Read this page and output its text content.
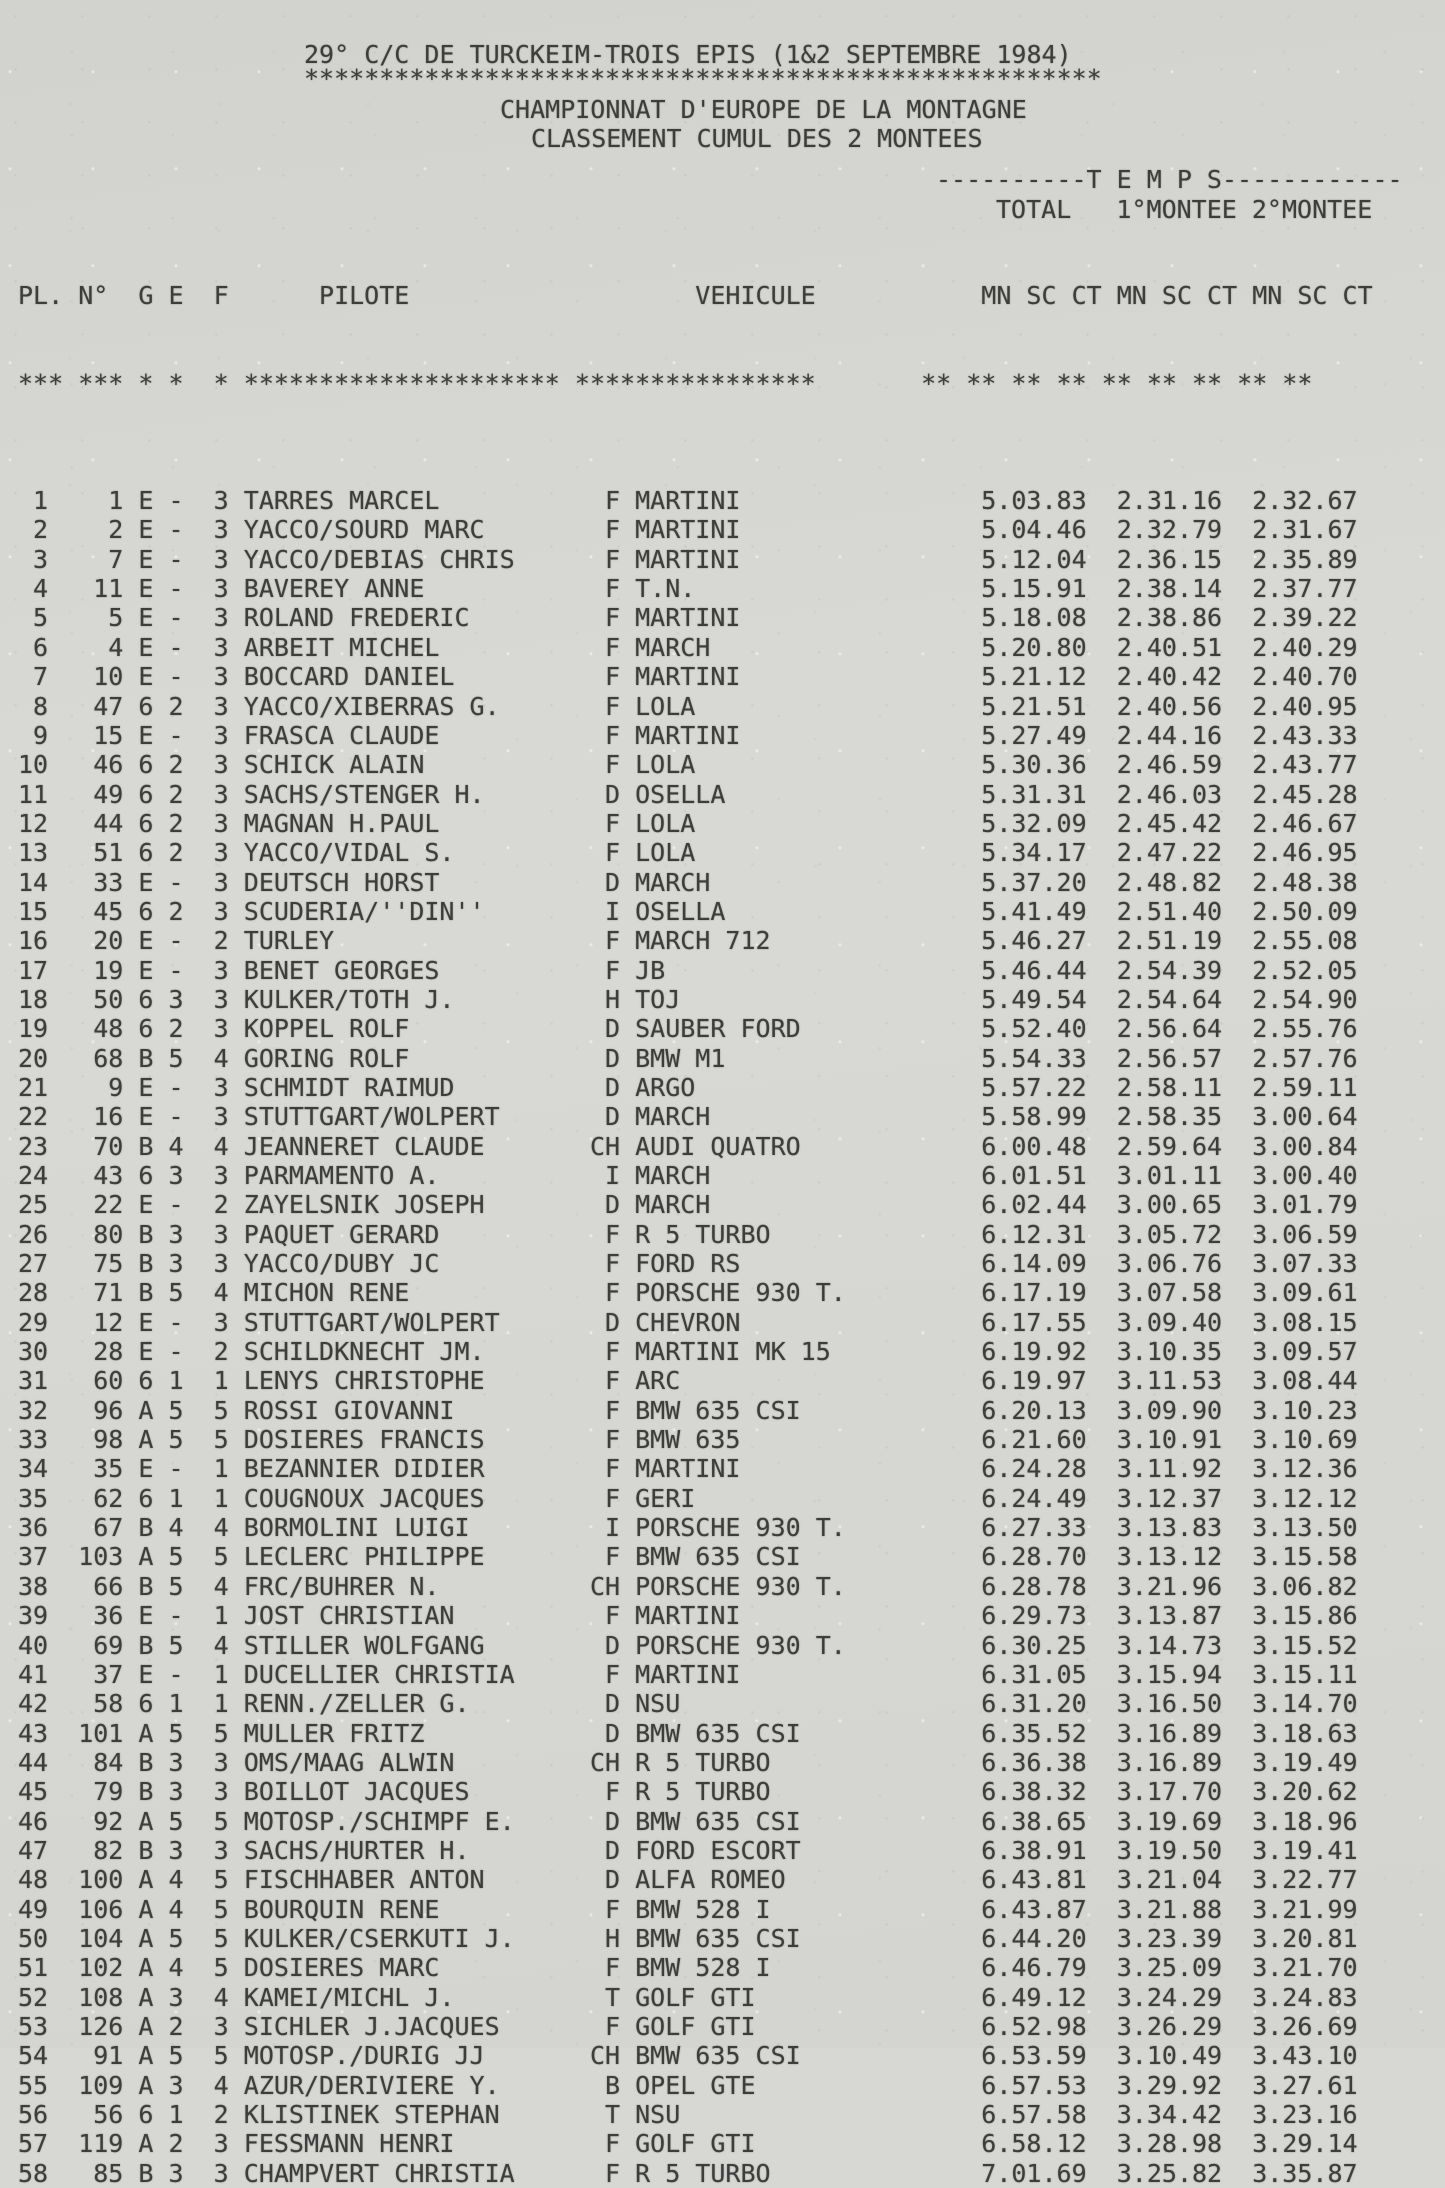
29° C/C DE TURCKEIM-TROIS EPIS (1&2 SEPTEMBRE 1984)
*****************************************************
CHAMPIONNAT D'EUROPE DE LA MONTAGNE
CLASSEMENT CUMUL DES 2 MONTEES
----------T E M P S------------
TOTAL   1°MONTEE 2°MONTEE

PL. N°  G E  F      PILOTE                   VEHICULE           MN SC CT MN SC CT MN SC CT

*** *** * *  * ********************* ****************       ** ** ** ** ** ** ** ** **

1    1 E -  3 TARRES MARCEL           F MARTINI                5.03.83  2.31.16  2.32.67
2    2 E -  3 YACCO/SOURD MARC        F MARTINI                5.04.46  2.32.79  2.31.67
3    7 E -  3 YACCO/DEBIAS CHRIS      F MARTINI                5.12.04  2.36.15  2.35.89
4   11 E -  3 BAVEREY ANNE            F T.N.                   5.15.91  2.38.14  2.37.77
5    5 E -  3 ROLAND FREDERIC         F MARTINI                5.18.08  2.38.86  2.39.22
6    4 E -  3 ARBEIT MICHEL           F MARCH                  5.20.80  2.40.51  2.40.29
7   10 E -  3 BOCCARD DANIEL          F MARTINI                5.21.12  2.40.42  2.40.70
8   47 6 2  3 YACCO/XIBERRAS G.       F LOLA                   5.21.51  2.40.56  2.40.95
9   15 E -  3 FRASCA CLAUDE           F MARTINI                5.27.49  2.44.16  2.43.33
10   46 6 2  3 SCHICK ALAIN            F LOLA                   5.30.36  2.46.59  2.43.77
11   49 6 2  3 SACHS/STENGER H.        D OSELLA                 5.31.31  2.46.03  2.45.28
12   44 6 2  3 MAGNAN H.PAUL           F LOLA                   5.32.09  2.45.42  2.46.67
13   51 6 2  3 YACCO/VIDAL S.          F LOLA                   5.34.17  2.47.22  2.46.95
14   33 E -  3 DEUTSCH HORST           D MARCH                  5.37.20  2.48.82  2.48.38
15   45 6 2  3 SCUDERIA/''DIN''        I OSELLA                 5.41.49  2.51.40  2.50.09
16   20 E -  2 TURLEY                  F MARCH 712              5.46.27  2.51.19  2.55.08
17   19 E -  3 BENET GEORGES           F JB                     5.46.44  2.54.39  2.52.05
18   50 6 3  3 KULKER/TOTH J.          H TOJ                    5.49.54  2.54.64  2.54.90
19   48 6 2  3 KOPPEL ROLF             D SAUBER FORD            5.52.40  2.56.64  2.55.76
20   68 B 5  4 GORING ROLF             D BMW M1                 5.54.33  2.56.57  2.57.76
21    9 E -  3 SCHMIDT RAIMUD          D ARGO                   5.57.22  2.58.11  2.59.11
22   16 E -  3 STUTTGART/WOLPERT       D MARCH                  5.58.99  2.58.35  3.00.64
23   70 B 4  4 JEANNERET CLAUDE       CH AUDI QUATRO            6.00.48  2.59.64  3.00.84
24   43 6 3  3 PARMAMENTO A.           I MARCH                  6.01.51  3.01.11  3.00.40
25   22 E -  2 ZAYELSNIK JOSEPH        D MARCH                  6.02.44  3.00.65  3.01.79
26   80 B 3  3 PAQUET GERARD           F R 5 TURBO              6.12.31  3.05.72  3.06.59
27   75 B 3  3 YACCO/DUBY JC           F FORD RS                6.14.09  3.06.76  3.07.33
28   71 B 5  4 MICHON RENE             F PORSCHE 930 T.         6.17.19  3.07.58  3.09.61
29   12 E -  3 STUTTGART/WOLPERT       D CHEVRON                6.17.55  3.09.40  3.08.15
30   28 E -  2 SCHILDKNECHT JM.        F MARTINI MK 15          6.19.92  3.10.35  3.09.57
31   60 6 1  1 LENYS CHRISTOPHE        F ARC                    6.19.97  3.11.53  3.08.44
32   96 A 5  5 ROSSI GIOVANNI          F BMW 635 CSI            6.20.13  3.09.90  3.10.23
33   98 A 5  5 DOSIERES FRANCIS        F BMW 635                6.21.60  3.10.91  3.10.69
34   35 E -  1 BEZANNIER DIDIER        F MARTINI                6.24.28  3.11.92  3.12.36
35   62 6 1  1 COUGNOUX JACQUES        F GERI                   6.24.49  3.12.37  3.12.12
36   67 B 4  4 BORMOLINI LUIGI         I PORSCHE 930 T.         6.27.33  3.13.83  3.13.50
37  103 A 5  5 LECLERC PHILIPPE        F BMW 635 CSI            6.28.70  3.13.12  3.15.58
38   66 B 5  4 FRC/BUHRER N.          CH PORSCHE 930 T.         6.28.78  3.21.96  3.06.82
39   36 E -  1 JOST CHRISTIAN          F MARTINI                6.29.73  3.13.87  3.15.86
40   69 B 5  4 STILLER WOLFGANG        D PORSCHE 930 T.         6.30.25  3.14.73  3.15.52
41   37 E -  1 DUCELLIER CHRISTIA      F MARTINI                6.31.05  3.15.94  3.15.11
42   58 6 1  1 RENN./ZELLER G.         D NSU                    6.31.20  3.16.50  3.14.70
43  101 A 5  5 MULLER FRITZ            D BMW 635 CSI            6.35.52  3.16.89  3.18.63
44   84 B 3  3 OMS/MAAG ALWIN         CH R 5 TURBO              6.36.38  3.16.89  3.19.49
45   79 B 3  3 BOILLOT JACQUES         F R 5 TURBO              6.38.32  3.17.70  3.20.62
46   92 A 5  5 MOTOSP./SCHIMPF E.      D BMW 635 CSI            6.38.65  3.19.69  3.18.96
47   82 B 3  3 SACHS/HURTER H.         D FORD ESCORT            6.38.91  3.19.50  3.19.41
48  100 A 4  5 FISCHHABER ANTON        D ALFA ROMEO             6.43.81  3.21.04  3.22.77
49  106 A 4  5 BOURQUIN RENE           F BMW 528 I              6.43.87  3.21.88  3.21.99
50  104 A 5  5 KULKER/CSERKUTI J.      H BMW 635 CSI            6.44.20  3.23.39  3.20.81
51  102 A 4  5 DOSIERES MARC           F BMW 528 I              6.46.79  3.25.09  3.21.70
52  108 A 3  4 KAMEI/MICHL J.          T GOLF GTI               6.49.12  3.24.29  3.24.83
53  126 A 2  3 SICHLER J.JACQUES       F GOLF GTI               6.52.98  3.26.29  3.26.69
54   91 A 5  5 MOTOSP./DURIG JJ       CH BMW 635 CSI            6.53.59  3.10.49  3.43.10
55  109 A 3  4 AZUR/DERIVIERE Y.       B OPEL GTE               6.57.53  3.29.92  3.27.61
56   56 6 1  2 KLISTINEK STEPHAN       T NSU                    6.57.58  3.34.42  3.23.16
57  119 A 2  3 FESSMANN HENRI          F GOLF GTI               6.58.12  3.28.98  3.29.14
58   85 B 3  3 CHAMPVERT CHRISTIA      F R 5 TURBO              7.01.69  3.25.82  3.35.87
